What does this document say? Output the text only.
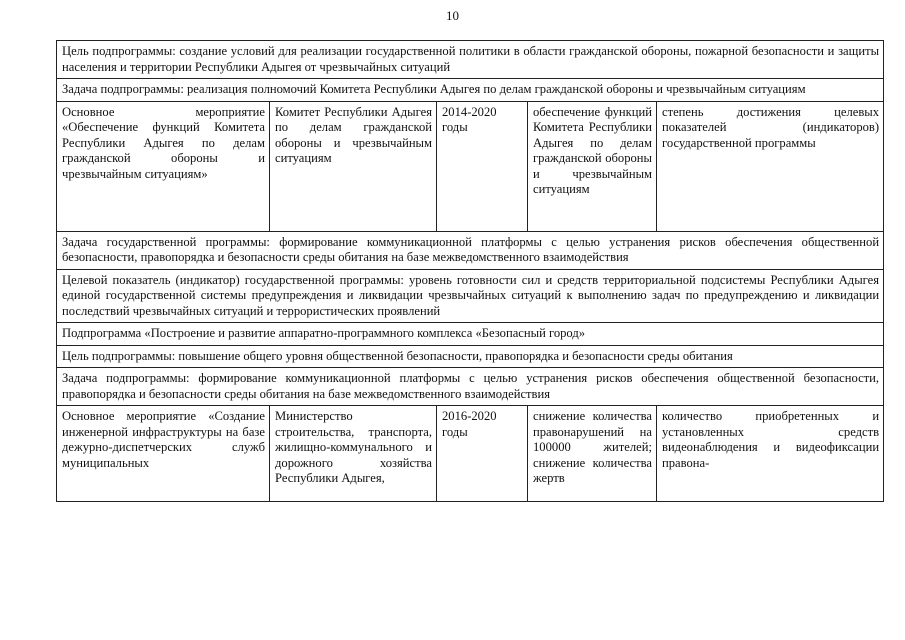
10
Цель подпрограммы: создание условий для реализации государственной политики в области гражданской обороны, пожарной безопасности и защиты населения и территории Республики Адыгея от чрезвычайных ситуаций				
Задача подпрограммы: реализация полномочий Комитета Республики Адыгея по делам гражданской обороны и чрезвычайным ситуациям				
Основное мероприятие «Обеспечение функций Комитета Республики Адыгея по делам гражданской обороны и чрезвычайным ситуациям»	Комитет Республики Адыгея по делам гражданской обороны и чрезвычайным ситуациям	2014-2020 годы	обеспечение функций Комитета Республики Адыгея по делам гражданской обороны и чрезвычайным ситуациям	степень достижения целевых показателей (индикаторов) государственной программы
Задача государственной программы: формирование коммуникационной платформы с целью устранения рисков обеспечения общественной безопасности, правопорядка и безопасности среды обитания на базе межведомственного взаимодействия				
Целевой показатель (индикатор) государственной программы: уровень готовности сил и средств территориальной подсистемы Республики Адыгея единой государственной системы предупреждения и ликвидации чрезвычайных ситуаций к выполнению задач по предупреждению и ликвидации последствий чрезвычайных ситуаций и террористических проявлений				
Подпрограмма «Построение и развитие аппаратно-программного комплекса «Безопасный город»				
Цель подпрограммы: повышение общего уровня общественной безопасности, правопорядка и безопасности среды обитания				
Задача подпрограммы: формирование коммуникационной платформы с целью устранения рисков обеспечения общественной безопасности, правопорядка и безопасности среды обитания на базе межведомственного взаимодействия				
Основное мероприятие «Создание инженерной инфраструктуры на базе дежурно-диспетчерских служб муниципальных	Министерство строительства, транспорта, жилищно-коммунального и дорожного хозяйства Республики Адыгея,	2016-2020 годы	снижение количества правонарушений на 100000 жителей; снижение количества жертв	количество приобретенных и установленных средств видеонаблюдения и видеофиксации правона-
